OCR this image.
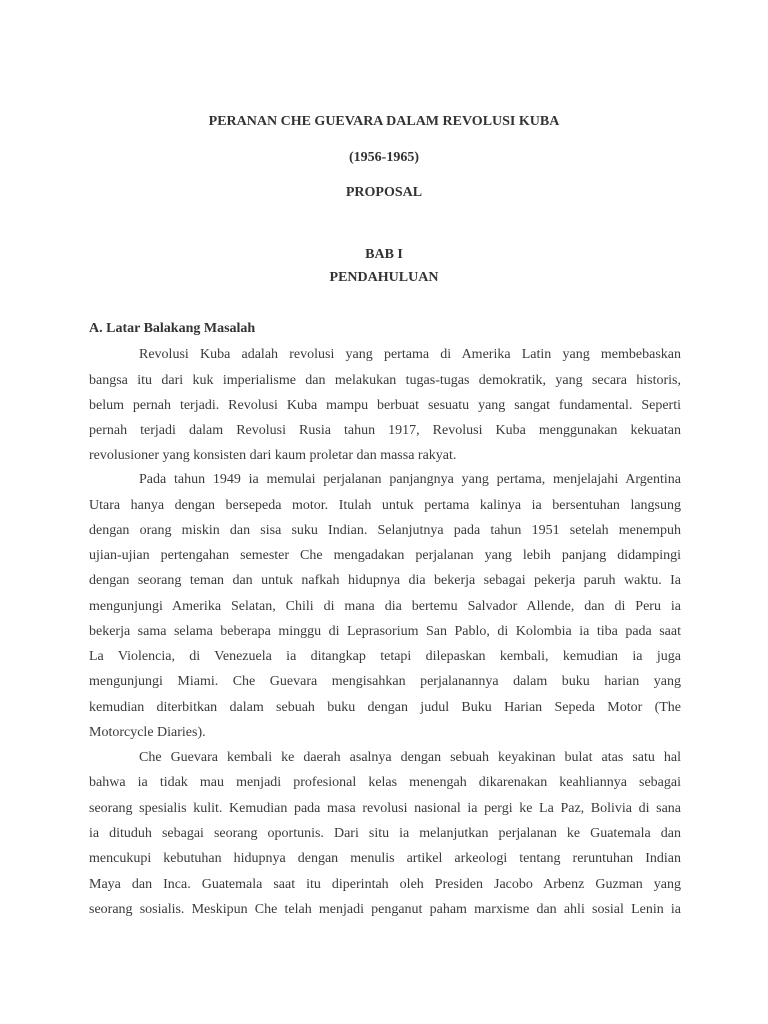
PERANAN CHE GUEVARA DALAM REVOLUSI KUBA
(1956-1965)
PROPOSAL
BAB I
PENDAHULUAN
A. Latar Balakang Masalah
Revolusi Kuba adalah revolusi yang pertama di Amerika Latin yang membebaskan
bangsa itu dari kuk imperialisme dan melakukan tugas-tugas demokratik, yang secara historis,
belum pernah terjadi. Revolusi Kuba mampu berbuat sesuatu yang sangat fundamental. Seperti
pernah terjadi dalam Revolusi Rusia tahun 1917, Revolusi Kuba menggunakan kekuatan
revolusioner yang konsisten dari kaum proletar dan massa rakyat.
Pada tahun 1949 ia memulai perjalanan panjangnya yang pertama, menjelajahi Argentina
Utara hanya dengan bersepeda motor. Itulah untuk pertama kalinya ia bersentuhan langsung
dengan orang miskin dan sisa suku Indian. Selanjutnya pada tahun 1951 setelah menempuh
ujian-ujian pertengahan semester Che mengadakan perjalanan yang lebih panjang didampingi
dengan seorang teman dan untuk nafkah hidupnya dia bekerja sebagai pekerja paruh waktu. Ia
mengunjungi Amerika Selatan, Chili di mana dia bertemu Salvador Allende, dan di Peru ia
bekerja sama selama beberapa minggu di Leprasorium San Pablo, di Kolombia ia tiba pada saat
La Violencia, di Venezuela ia ditangkap tetapi dilepaskan kembali, kemudian ia juga
mengunjungi Miami. Che Guevara mengisahkan perjalanannya dalam buku harian yang
kemudian diterbitkan dalam sebuah buku dengan judul Buku Harian Sepeda Motor (The
Motorcycle Diaries).
Che Guevara kembali ke daerah asalnya dengan sebuah keyakinan bulat atas satu hal
bahwa ia tidak mau menjadi profesional kelas menengah dikarenakan keahliannya sebagai
seorang spesialis kulit. Kemudian pada masa revolusi nasional ia pergi ke La Paz, Bolivia di sana
ia dituduh sebagai seorang oportunis. Dari situ ia melanjutkan perjalanan ke Guatemala dan
mencukupi kebutuhan hidupnya dengan menulis artikel arkeologi tentang reruntuhan Indian
Maya dan Inca. Guatemala saat itu diperintah oleh Presiden Jacobo Arbenz Guzman yang
seorang sosialis. Meskipun Che telah menjadi penganut paham marxisme dan ahli sosial Lenin ia
